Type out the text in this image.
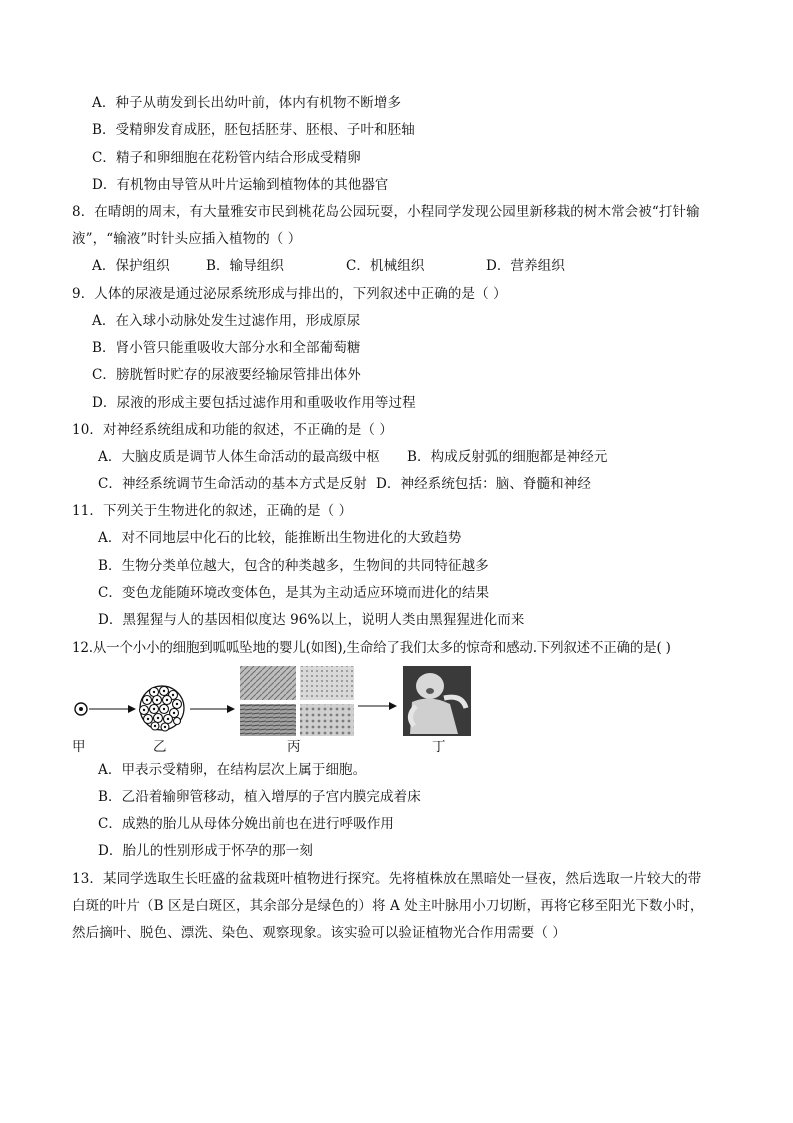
A．种子从萌发到长出幼叶前，体内有机物不断增多
B．受精卵发育成胚，胚包括胚芽、胚根、子叶和胚轴
C．精子和卵细胞在花粉管内结合形成受精卵
D．有机物由导管从叶片运输到植物体的其他器官
8．在晴朗的周末，有大量雅安市民到桃花岛公园玩耍，小程同学发现公园里新移栽的树木常会被“打针输
液”，“输液”时针头应插入植物的（ ）
A．保护组织	B．输导组织	C．机械组织	D．营养组织
9．人体的尿液是通过泌尿系统形成与排出的，下列叙述中正确的是（ ）
A．在入球小动脉处发生过滤作用，形成原尿
B．肾小管只能重吸收大部分水和全部葡萄糖
C．膀胱暂时贮存的尿液要经输尿管排出体外
D．尿液的形成主要包括过滤作用和重吸收作用等过程
10．对神经系统组成和功能的叙述，不正确的是（ ）
A．大脑皮质是调节人体生命活动的最高级中枢 B．构成反射弧的细胞都是神经元
C．神经系统调节生命活动的基本方式是反射 D．神经系统包括：脑、脊髓和神经
11．下列关于生物进化的叙述，正确的是（ ）
A．对不同地层中化石的比较，能推断出生物进化的大致趋势
B．生物分类单位越大，包含的种类越多，生物间的共同特征越多
C．变色龙能随环境改变体色，是其为主动适应环境而进化的结果
D．黑猩猩与人的基因相似度达 96%以上，说明人类由黑猩猩进化而来
12.从一个小小的细胞到呱呱坠地的婴儿(如图),生命给了我们太多的惊奇和感动.下列叙述不正确的是( )
甲	乙	丙	丁
A．甲表示受精卵，在结构层次上属于细胞。
B．乙沿着输卵管移动，植入增厚的子宫内膜完成着床
C．成熟的胎儿从母体分娩出前也在进行呼吸作用
D．胎儿的性别形成于怀孕的那一刻
13．某同学选取生长旺盛的盆栽斑叶植物进行探究。先将植株放在黑暗处一昼夜，然后选取一片较大的带
白斑的叶片（B 区是白斑区，其余部分是绿色的）将 A 处主叶脉用小刀切断，再将它移至阳光下数小时，
然后摘叶、脱色、漂洗、染色、观察现象。该实验可以验证植物光合作用需要（ ）
